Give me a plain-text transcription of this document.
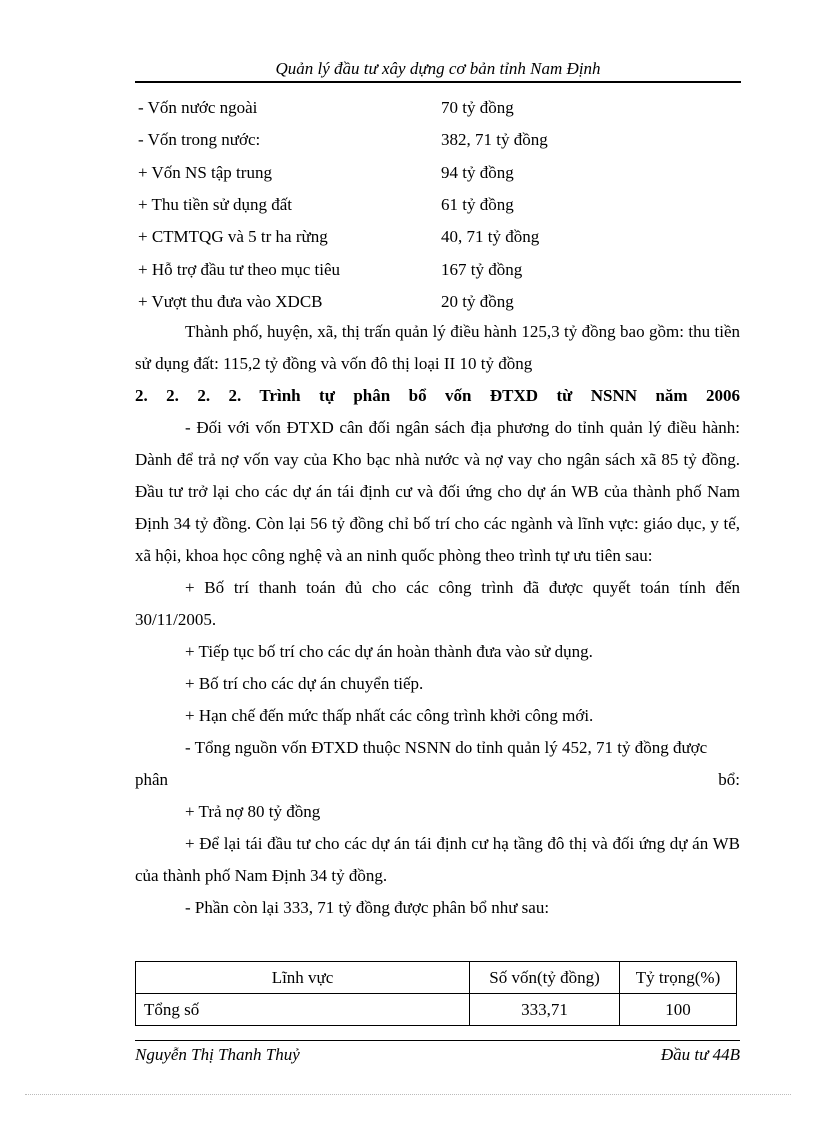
Quản lý đầu tư xây dựng cơ bản tỉnh Nam Định
- Vốn nước ngoài	70 tỷ đồng
- Vốn trong nước:	382, 71 tỷ đồng
+ Vốn NS tập trung	94 tỷ đồng
+ Thu tiền sử dụng đất	61 tỷ đồng
+ CTMTQG và 5 tr ha rừng	40, 71 tỷ đồng
+ Hỗ trợ đầu tư theo mục tiêu	167 tỷ đồng
+ Vượt thu đưa vào XDCB	20 tỷ đồng

Thành phố, huyện, xã, thị trấn quản lý điều hành 125,3 tỷ đồng bao gồm: thu tiền sử dụng đất: 115,2 tỷ đồng và vốn đô thị loại II 10 tỷ đồng

2. 2. 2. 2. Trình tự phân bổ vốn ĐTXD từ NSNN năm 2006

- Đối với vốn ĐTXD cân đối ngân sách địa phương do tỉnh quản lý điều hành: Dành để trả nợ vốn vay của Kho bạc nhà nước và nợ vay cho ngân sách xã 85 tỷ đồng. Đầu tư trở lại cho các dự án tái định cư và đối ứng cho dự án WB của thành phố Nam Định 34 tỷ đồng. Còn lại 56 tỷ đồng chỉ bố trí cho các ngành và lĩnh vực: giáo dục, y tế, xã hội, khoa học công nghệ và an ninh quốc phòng theo trình tự ưu tiên sau:

+ Bố trí thanh toán đủ cho các công trình đã được quyết toán tính đến 30/11/2005.

+ Tiếp tục bố trí cho các dự án hoàn thành đưa vào sử dụng.

+ Bố trí cho các dự án chuyển tiếp.

+ Hạn chế đến mức thấp nhất các công trình khởi công mới.

- Tổng nguồn vốn ĐTXD thuộc NSNN do tỉnh quản lý 452, 71 tỷ đồng được

phân	bổ:

+ Trả nợ 80 tỷ đồng

+ Để lại tái đầu tư cho các dự án tái định cư hạ tầng đô thị và đối ứng dự án WB của thành phố Nam Định 34 tỷ đồng.

- Phần còn lại 333, 71 tỷ đồng được phân bổ như sau:

Lĩnh vực	Số vốn(tỷ đồng)	Tỷ trọng(%)
Tổng số	333,71	100
Nguyễn Thị Thanh Thuỷ	Đầu tư 44B
